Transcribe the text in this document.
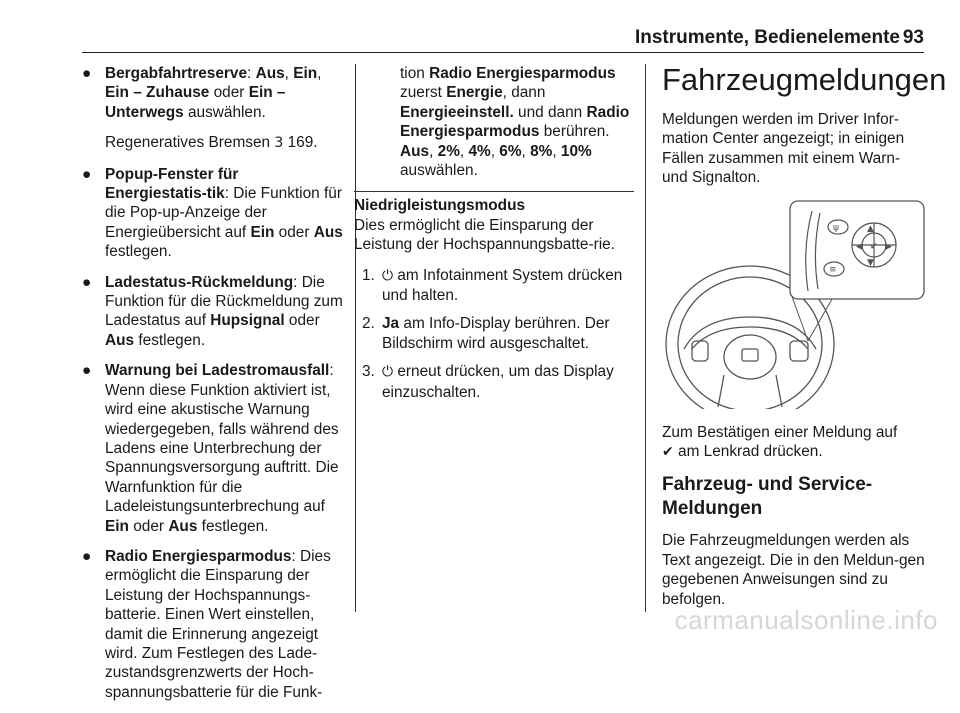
Instrumente, Bedienelemente 93
● Bergabfahrtreserve: Aus, Ein, Ein – Zuhause oder Ein – Unterwegs auswählen.
Regeneratives Bremsen 3 169.
● Popup-Fenster für Energiestatis-tik: Die Funktion für die Pop-up-Anzeige der Energieübersicht auf Ein oder Aus festlegen.
● Ladestatus-Rückmeldung: Die Funktion für die Rückmeldung zum Ladestatus auf Hupsignal oder Aus festlegen.
● Warnung bei Ladestromausfall: Wenn diese Funktion aktiviert ist, wird eine akustische Warnung wiedergegeben, falls während des Ladens eine Unterbrechung der Spannungsversorgung auftritt. Die Warnfunktion für die Ladeleistungsunterbrechung auf Ein oder Aus festlegen.
● Radio Energiesparmodus: Dies ermöglicht die Einsparung der Leistung der Hochspannungs-batterie. Einen Wert einstellen, damit die Erinnerung angezeigt wird. Zum Festlegen des Lade-zustandsgrenzwerts der Hoch-spannungsbatterie für die Funk-
tion Radio Energiesparmodus zuerst Energie, dann Energieeinstell. und dann Radio Energiesparmodus berühren. Aus, 2%, 4%, 6%, 8%, 10% auswählen.
Niedrigleistungsmodus
Dies ermöglicht die Einsparung der Leistung der Hochspannungsbatte-rie.
1. ⏻ am Infotainment System drücken und halten.
2. Ja am Info-Display berühren. Der Bildschirm wird ausgeschaltet.
3. ⏻ erneut drücken, um das Display einzuschalten.
Fahrzeugmeldungen
Meldungen werden im Driver Infor-mation Center angezeigt; in einigen Fällen zusammen mit einem Warn- und Signalton.
✔
▲
▼
◀ ▶
ψ
≡
Zum Bestätigen einer Meldung auf
✔ am Lenkrad drücken.
Fahrzeug- und Service-Meldungen
Die Fahrzeugmeldungen werden als Text angezeigt. Die in den Meldun-gen gegebenen Anweisungen sind zu befolgen.
carmanualsonline.info
